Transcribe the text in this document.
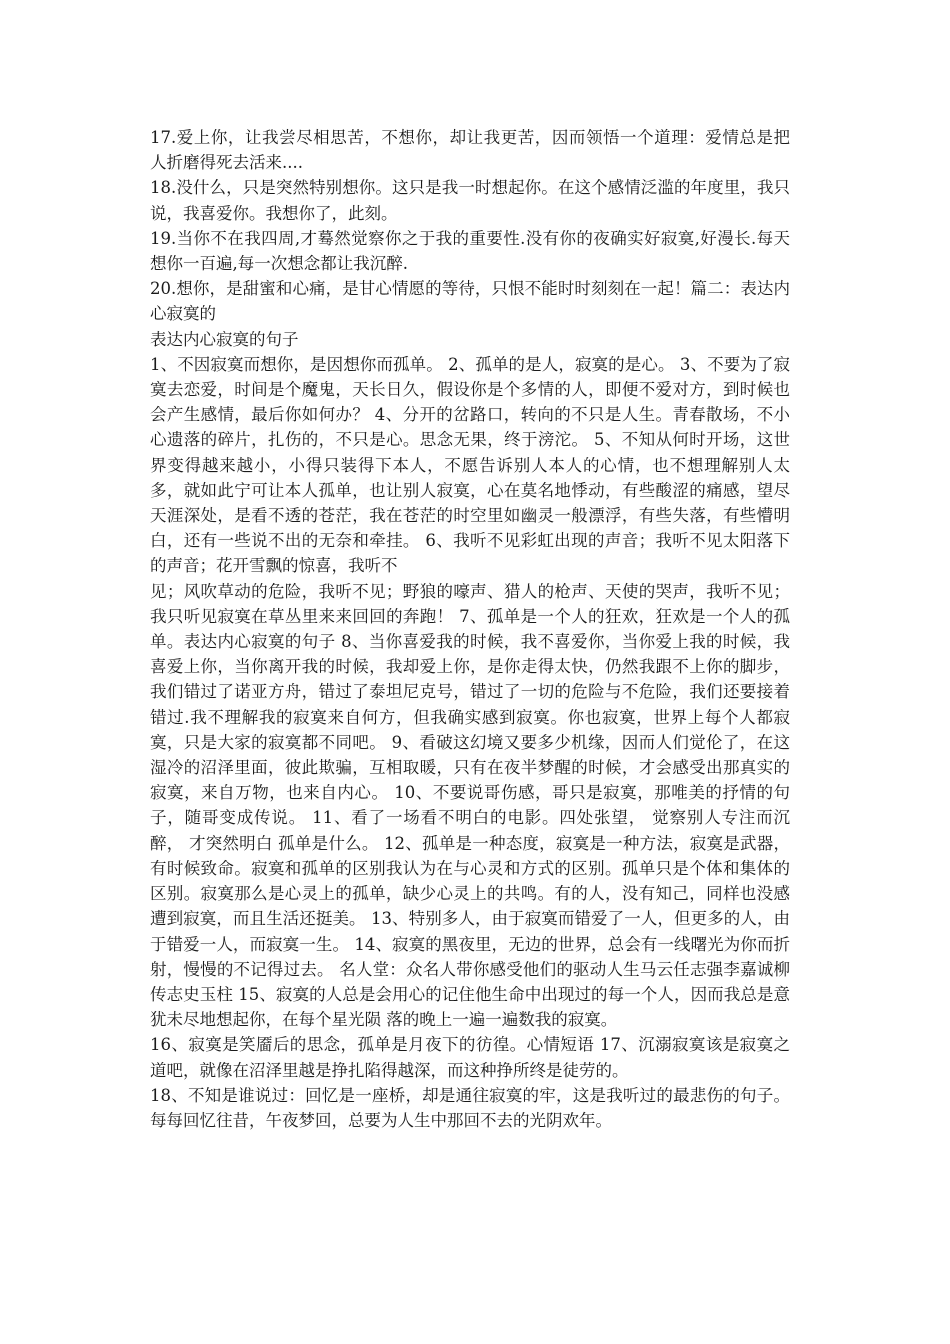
17.爱上你，让我尝尽相思苦，不想你，却让我更苦，因而领悟一个道理：爱情总是把 人折磨得死去活来....

18.没什么，只是突然特别想你。这只是我一时想起你。在这个感情泛滥的年度里，我只说，我喜爱你。我想你了，此刻。

19.当你不在我四周,才蓦然觉察你之于我的重要性.没有你的夜确实好寂寞,好漫长.每天想你一百遍,每一次想念都让我沉醉.

20.想你，是甜蜜和心痛，是甘心情愿的等待，只恨不能时时刻刻在一起！篇二：表达内心寂寞的

表达内心寂寞的句子

1、不因寂寞而想你，是因想你而孤单。 2、孤单的是人，寂寞的是心。 3、不要为了寂寞去恋爱，时间是个魔鬼，天长日久，假设你是个多情的人，即便不爱对方，到时候也会产生感情，最后你如何办？ 4、分开的岔路口，转向的不只是人生。青春散场，不小心遗落的碎片，扎伤的，不只是心。思念无果，终于滂沱。 5、不知从何时开场，这世界变得越来越小，小得只装得下本人，不愿告诉别人本人的心情，也不想理解别人太多，就如此宁可让本人孤单，也让别人寂寞，心在莫名地悸动，有些酸涩的痛感，望尽天涯深处，是看不透的苍茫，我在苍茫的时空里如幽灵一般漂浮，有些失落，有些懵明白，还有一些说不出的无奈和牵挂。 6、我听不见彩虹出现的声音；我听不见太阳落下的声音；花开雪飘的惊喜，我听不

见；风吹草动的危险，我听不见；野狼的嚎声、猎人的枪声、天使的哭声，我听不见；我只听见寂寞在草丛里来来回回的奔跑！ 7、孤单是一个人的狂欢，狂欢是一个人的孤单。表达内心寂寞的句子 8、当你喜爱我的时候，我不喜爱你，当你爱上我的时候，我喜爱上你，当你离开我的时候，我却爱上你，是你走得太快，仍然我跟不上你的脚步，我们错过了诺亚方舟，错过了泰坦尼克号，错过了一切的危险与不危险，我们还要接着错过.我不理解我的寂寞来自何方，但我确实感到寂寞。你也寂寞，世界上每个人都寂寞，只是大家的寂寞都不同吧。 9、看破这幻境又要多少机缘，因而人们觉伦了，在这湿冷的沼泽里面，彼此欺骗，互相取暖，只有在夜半梦醒的时候，才会感受出那真实的寂寞，来自万物，也来自内心。 10、不要说哥伤感，哥只是寂寞，那唯美的抒情的句子，随哥变成传说。 11、看了一场看不明白的电影。四处张望， 觉察别人专注而沉醉， 才突然明白 孤单是什么。 12、孤单是一种态度，寂寞是一种方法，寂寞是武器，有时候致命。寂寞和孤单的区别我认为在与心灵和方式的区别。孤单只是个体和集体的区别。寂寞那么是心灵上的孤单，缺少心灵上的共鸣。有的人，没有知己，同样也没感遭到寂寞，而且生活还挺美。 13、特别多人，由于寂寞而错爱了一人，但更多的人，由于错爱一人，而寂寞一生。 14、寂寞的黑夜里，无边的世界，总会有一线曙光为你而折射，慢慢的不记得过去。 名人堂：众名人带你感受他们的驱动人生马云任志强李嘉诚柳传志史玉柱 15、寂寞的人总是会用心的记住他生命中出现过的每一个人，因而我总是意犹未尽地想起你，在每个星光陨 落的晚上一遍一遍数我的寂寞。

16、寂寞是笑靥后的思念，孤单是月夜下的彷徨。心情短语 17、沉溺寂寞该是寂寞之道吧，就像在沼泽里越是挣扎陷得越深，而这种挣所终是徒劳的。

18、不知是谁说过：回忆是一座桥，却是通往寂寞的牢，这是我听过的最悲伤的句子。每每回忆往昔，午夜梦回，总要为人生中那回不去的光阴欢年。
